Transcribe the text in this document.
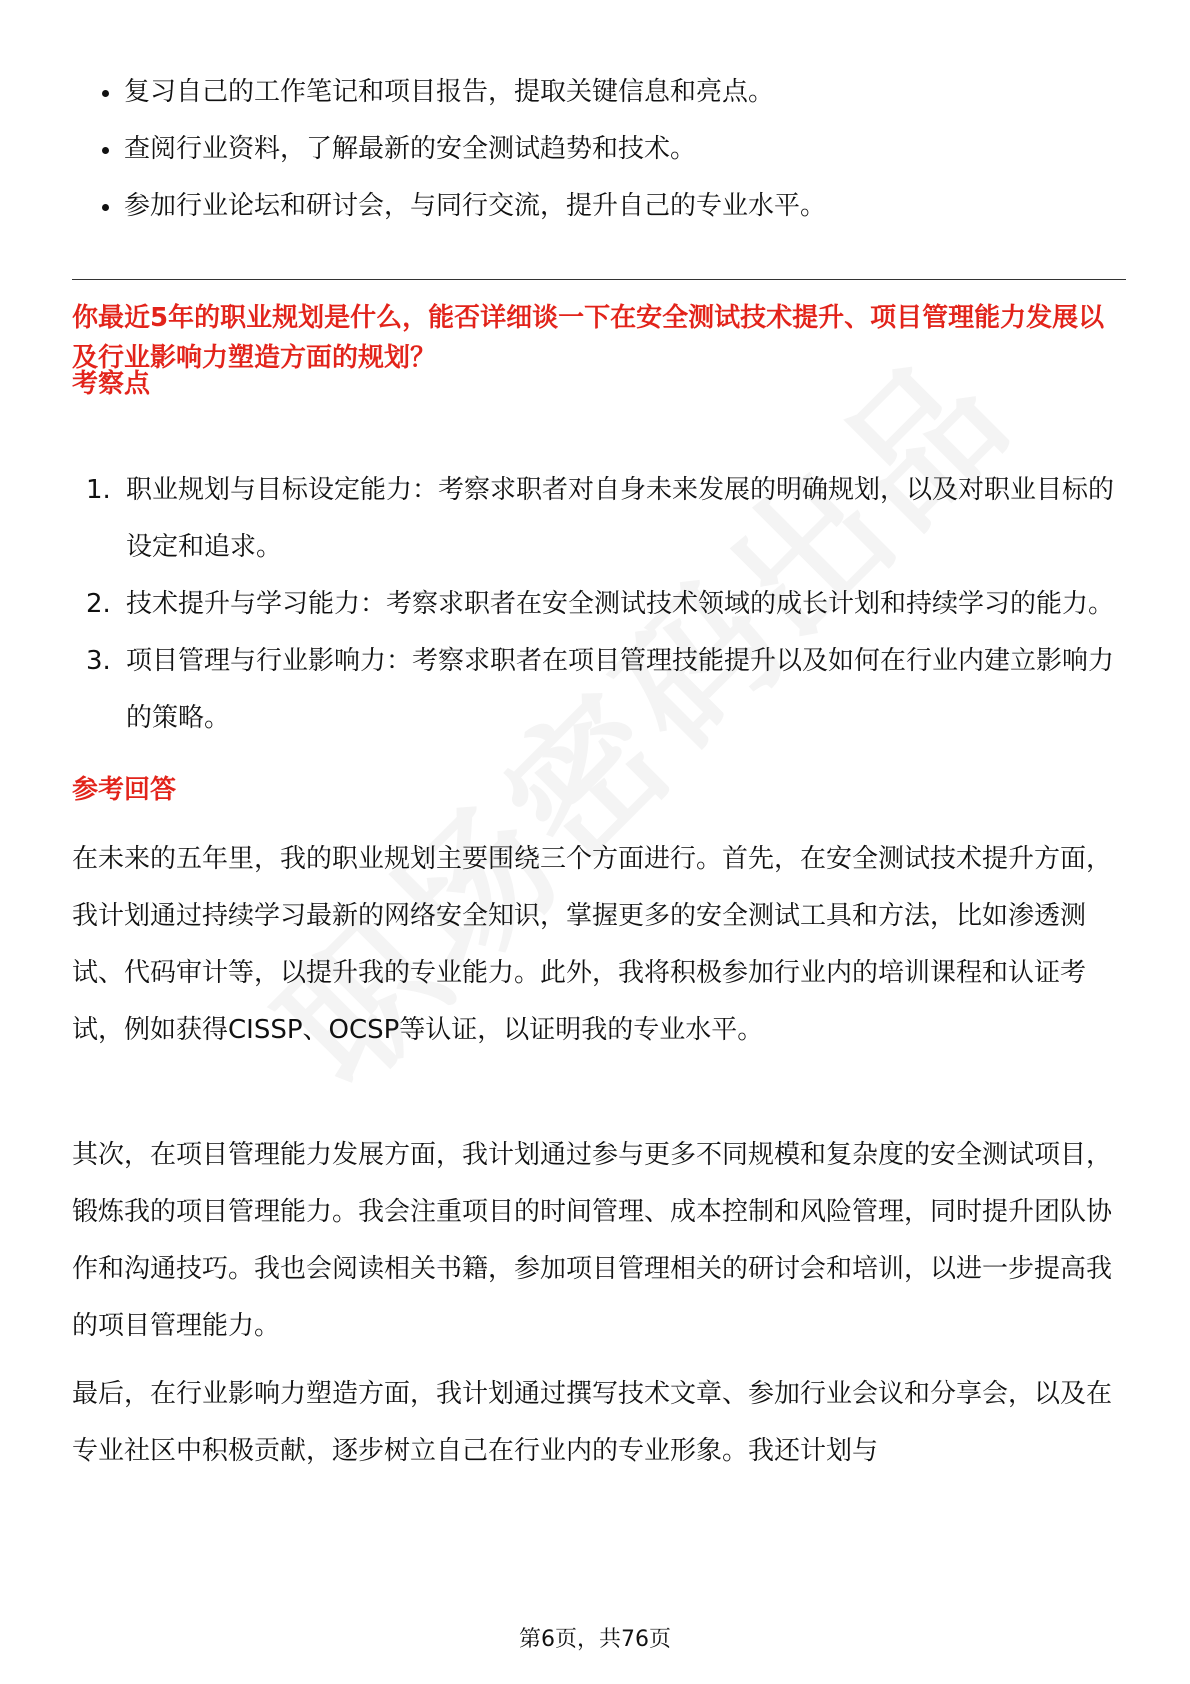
复习自己的工作笔记和项目报告，提取关键信息和亮点。
查阅行业资料，了解最新的安全测试趋势和技术。
参加行业论坛和研讨会，与同行交流，提升自己的专业水平。
你最近5年的职业规划是什么，能否详细谈一下在安全测试技术提升、项目管理能力发展以及行业影响力塑造方面的规划？
考察点
1. 职业规划与目标设定能力：考察求职者对自身未来发展的明确规划，以及对职业目标的设定和追求。
2. 技术提升与学习能力：考察求职者在安全测试技术领域的成长计划和持续学习的能力。
3. 项目管理与行业影响力：考察求职者在项目管理技能提升以及如何在行业内建立影响力的策略。
参考回答

在未来的五年里，我的职业规划主要围绕三个方面进行。首先，在安全测试技术提升方面，我计划通过持续学习最新的网络安全知识，掌握更多的安全测试工具和方法，比如渗透测试、代码审计等，以提升我的专业能力。此外，我将积极参加行业内的培训课程和认证考试，例如获得CISSP、OCSP等认证，以证明我的专业水平。

其次，在项目管理能力发展方面，我计划通过参与更多不同规模和复杂度的安全测试项目，锻炼我的项目管理能力。我会注重项目的时间管理、成本控制和风险管理，同时提升团队协作和沟通技巧。我也会阅读相关书籍，参加项目管理相关的研讨会和培训，以进一步提高我的项目管理能力。

最后，在行业影响力塑造方面，我计划通过撰写技术文章、参加行业会议和分享会，以及在专业社区中积极贡献，逐步树立自己在行业内的专业形象。我还计划与

第6页，共76页
